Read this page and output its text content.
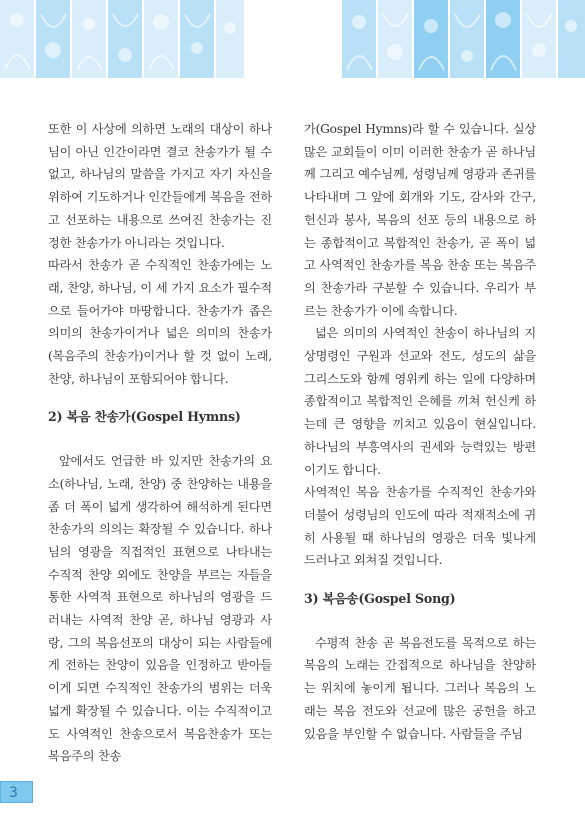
또한 이 사상에 의하면 노래의 대상이 하나님이 아닌 인간이라면 결코 찬송가가 될 수 없고, 하나님의 말씀을 가지고 자기 자신을 위하여 기도하거나 인간들에게 복음을 전하고 선포하는 내용으로 쓰여진 찬송가는 진정한 찬송가가 아니라는 것입니다.

따라서 찬송가 곧 수직적인 찬송가에는 노래, 찬양, 하나님, 이 세 가지 요소가 필수적으로 들어가야 마땅합니다. 찬송가가 좁은 의미의 찬송가이거나 넓은 의미의 찬송가(복음주의 찬송가)이거나 할 것 없이 노래, 찬양, 하나님이 포함되어야 합니다.

2) 복음 찬송가(Gospel Hymns)

앞에서도 언급한 바 있지만 찬송가의 요소(하나님, 노래, 찬양) 중 찬양하는 내용을 좀 더 폭이 넓게 생각하여 해석하게 된다면 찬송가의 의의는 확장될 수 있습니다. 하나님의 영광을 직접적인 표현으로 나타내는 수직적 찬양 외에도 찬양을 부르는 자들을 통한 사역적 표현으로 하나님의 영광을 드러내는 사역적 찬양 곧, 하나님 영광과 사랑, 그의 복음선포의 대상이 되는 사람들에게 전하는 찬양이 있음을 인정하고 받아들이게 되면 수직적인 찬송가의 범위는 더욱 넓게 확장될 수 있습니다. 이는 수직적이고도 사역적인 찬송으로서 복음찬송가 또는 복음주의 찬송

가(Gospel Hymns)라 할 수 있습니다. 실상 많은 교회들이 이미 이러한 찬송가 곧 하나님께 그리고 예수님께, 성령님께 영광과 존귀를 나타내며 그 앞에 회개와 기도, 감사와 간구, 헌신과 봉사, 복음의 선포 등의 내용으로 하는 종합적이고 복합적인 찬송가, 곧 폭이 넓고 사역적인 찬송가를 복음 찬송 또는 복음주의 찬송가라 구분할 수 있습니다. 우리가 부르는 찬송가가 이에 속합니다.

넓은 의미의 사역적인 찬송이 하나님의 지상명령인 구원과 선교와 전도, 성도의 삶을 그리스도와 함께 영위케 하는 일에 다양하며 종합적이고 복합적인 은혜를 끼쳐 헌신케 하는데 큰 영향을 끼치고 있음이 현실입니다. 하나님의 부흥역사의 권세와 능력있는 방편이기도 합니다.

사역적인 복음 찬송가를 수직적인 찬송가와 더불어 성령님의 인도에 따라 적재적소에 귀히 사용될 때 하나님의 영광은 더욱 빛나게 드러나고 외쳐질 것입니다.

3) 복음송(Gospel Song)

수평적 찬송 곧 복음전도를 목적으로 하는 복음의 노래는 간접적으로 하나님을 찬양하는 위치에 놓이게 됩니다. 그러나 복음의 노래는 복음 전도와 선교에 많은 공헌을 하고 있음을 부인할 수 없습니다. 사람들을 주님

3
